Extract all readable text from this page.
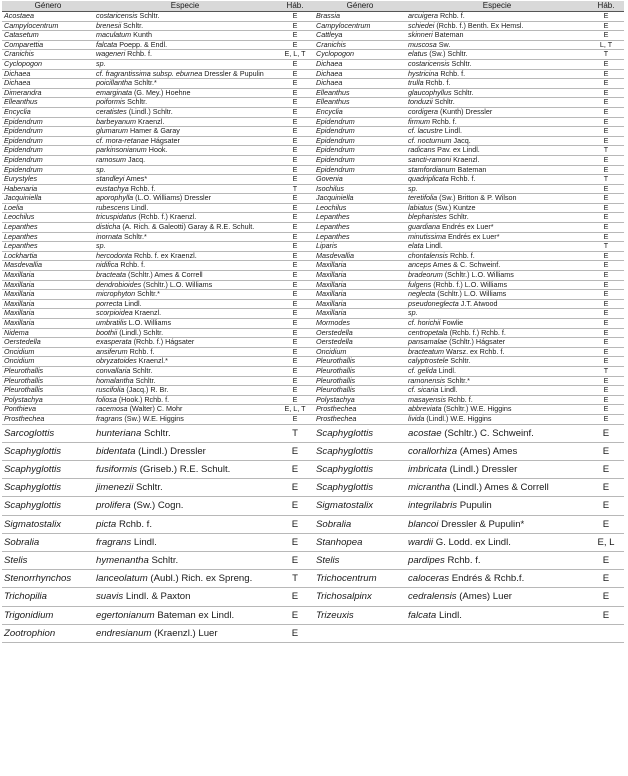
Género	Especie	Háb.	Género	Especie	Háb.
Acostaea	costaricensis Schltr.	E	Brassia	arcuigera Rchb. f.	E
Campylocentrum	brenesii Schltr.	E	Campylocentrum	schiedei (Rchb. f.) Benth. Ex Hemsl.	E
Catasetum	maculatum Kunth	E	Cattleya	skinneri Bateman	E
Comparettia	falcata Poepp. & Endl.	E	Cranichis	muscosa Sw.	L, T
Cranichis	wageneri Rchb. f.	E, L, T	Cyclopogon	elatus (Sw.) Schltr.	T
Cyclopogon	sp.	E	Dichaea	costaricensis Schltr.	E
Dichaea	cf. fragrantissima subsp. eburnea Dressler & Pupulin	E	Dichaea	hystricina Rchb. f.	E
Dichaea	poicillantha Schltr.*	E	Dichaea	trulla Rchb. f.	E
Dimerandra	emarginata (G. Mey.) Hoehne	E	Elleanthus	glaucophyllus Schltr.	E
Elleanthus	poiformis Schltr.	E	Elleanthus	tonduzii Schltr.	E
Encyclia	ceratistes (Lindl.) Schltr.	E	Encyclia	cordigera (Kunth) Dressler	E
Epidendrum	barbeyanum Kraenzl.	E	Epidendrum	firmum Rchb. f.	E
Epidendrum	glumarum Hamer & Garay	E	Epidendrum	cf. lacustre Lindl.	E
Epidendrum	cf. mora-retanae Hágsater	E	Epidendrum	cf. nocturnum Jacq.	E
Epidendrum	parkinsonianum Hook.	E	Epidendrum	radicans Pav. ex Lindl.	T
Epidendrum	ramosum Jacq.	E	Epidendrum	sancti-ramoni Kraenzl.	E
Epidendrum	sp.	E	Epidendrum	stamfordianum Bateman	E
Eurystyles	standleyi Ames*	E	Govenia	quadriplicata Rchb. f.	T
Habenaria	eustachya Rchb. f.	T	Isochilus	sp.	E
Jacquiniella	aporophylla (L.O. Williams) Dressler	E	Jacquiniella	teretifolia (Sw.) Britton & P. Wilson	E
Loelia	rubescens Lindl.	E	Leochilus	labiatus (Sw.) Kuntze	E
Leochilus	tricuspidatus (Rchb. f.) Kraenzl.	E	Lepanthes	blepharistes Schltr.	E
Lepanthes	disticha (A. Rich. & Galeotti) Garay & R.E. Schult.	E	Lepanthes	guardiana Endrés ex Luer*	E
Lepanthes	inornata Schltr.*	E	Lepanthes	minutissima Endrés ex Luer*	E
Lepanthes	sp.	E	Liparis	elata Lindl.	T
Lockhartia	hercodonta Rchb. f. ex Kraenzl.	E	Masdevallia	chontalensis Rchb. f.	E
Masdevallia	nidifica Rchb. f.	E	Maxillaria	anceps Ames & C. Schweinf.	E
Maxillaria	bracteata (Schltr.) Ames & Correll	E	Maxillaria	bradeorum (Schltr.) L.O. Williams	E
Maxillaria	dendrobioides (Schltr.) L.O. Williams	E	Maxillaria	fulgens (Rchb. f.) L.O. Williams	E
Maxillaria	microphyton Schltr.*	E	Maxillaria	neglecta (Schltr.) L.O. Williams	E
Maxillaria	porrecta Lindl.	E	Maxillaria	pseudoneglecta J.T. Atwood	E
Maxillaria	scorpioidea Kraenzl.	E	Maxillaria	sp.	E
Maxillaria	umbratilis L.O. Williams	E	Mormodes	cf. horichii Fowlie	E
Nidema	boothii (Lindl.) Schltr.	E	Oerstedella	centropetala (Rchb. f.) Rchb. f.	E
Oerstedella	exasperata (Rchb. f.) Hágsater	E	Oerstedella	pansamalae (Schltr.) Hágsater	E
Oncidium	ansiferum Rchb. f.	E	Oncidium	bracteatum Warsz. ex Rchb. f.	E
Oncidium	obryzatoides Kraenzl.*	E	Pleurothallis	calyptrostele Schltr.	E
Pleurothallis	convallaria Schltr.	E	Pleurothallis	cf. gelida Lindl.	T
Pleurothallis	homalantha Schltr.	E	Pleurothallis	ramonensis Schltr.*	E
Pleurothallis	ruscifolia (Jacq.) R. Br.	E	Pleurothallis	cf. sicaria Lindl.	E
Polystachya	foliosa (Hook.) Rchb. f.	E	Polystachya	masayensis Rchb. f.	E
Ponthieva	racemosa (Walter) C. Mohr	E, L, T	Prosthechea	abbreviata (Schltr.) W.E. Higgins	E
Prosthechea	fragrans (Sw.) W.E. Higgins	E	Prosthechea	livida (Lindl.) W.E. Higgins	E
Sarcoglottis	hunteriana Schltr.	T	Scaphyglottis	acostae (Schltr.) C. Schweinf.	E
Scaphyglottis	bidentata (Lindl.) Dressler	E	Scaphyglottis	corallorhiza (Ames) Ames	E
Scaphyglottis	fusiformis (Griseb.) R.E. Schult.	E	Scaphyglottis	imbricata (Lindl.) Dressler	E
Scaphyglottis	jimenezii Schltr.	E	Scaphyglottis	micrantha (Lindl.) Ames & Correll	E
Scaphyglottis	prolifera (Sw.) Cogn.	E	Sigmatostalix	integrilabris Pupulin	E
Sigmatostalix	picta Rchb. f.	E	Sobralia	blancoi Dressler & Pupulin*	E
Sobralia	fragrans Lindl.	E	Stanhopea	wardii G. Lodd. ex Lindl.	E, L
Stelis	hymenantha Schltr.	E	Stelis	pardipes Rchb. f.	E
Stenorrhynchos	lanceolatum (Aubl.) Rich. ex Spreng.	T	Trichocentrum	caloceras Endrés & Rchb.f.	E
Trichopilia	suavis Lindl. & Paxton	E	Trichosalpinx	cedralensis (Ames) Luer	E
Trigonidium	egertonianum Bateman ex Lindl.	E	Trizeuxis	falcata Lindl.	E
Zootrophion	endresianum (Kraenzl.) Luer	E			
